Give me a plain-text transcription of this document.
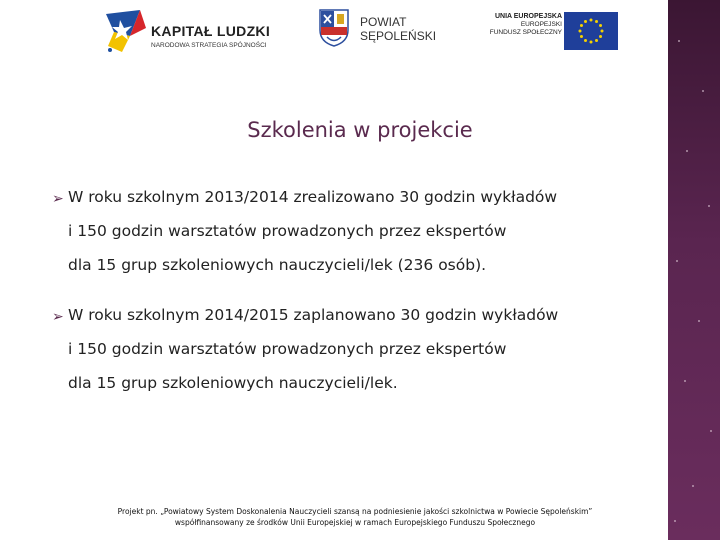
KAPITAŁ LUDZKI
NARODOWA STRATEGIA SPÓJNOŚCI
POWIAT
SĘPOLEŃSKI
UNIA EUROPEJSKA
EUROPEJSKI
FUNDUSZ SPOŁECZNY
Szkolenia w projekcie
➢ W roku szkolnym 2013/2014 zrealizowano 30 godzin wykładów
i 150 godzin warsztatów prowadzonych przez ekspertów
dla 15 grup szkoleniowych nauczycieli/lek (236 osób).
➢ W roku szkolnym 2014/2015 zaplanowano 30 godzin wykładów
i 150 godzin warsztatów prowadzonych przez ekspertów
dla 15 grup szkoleniowych nauczycieli/lek.
Projekt pn. „Powiatowy System Doskonalenia Nauczycieli szansą na podniesienie jakości szkolnictwa w Powiecie Sępoleńskim”
współfinansowany ze środków Unii Europejskiej w ramach Europejskiego Funduszu Społecznego
